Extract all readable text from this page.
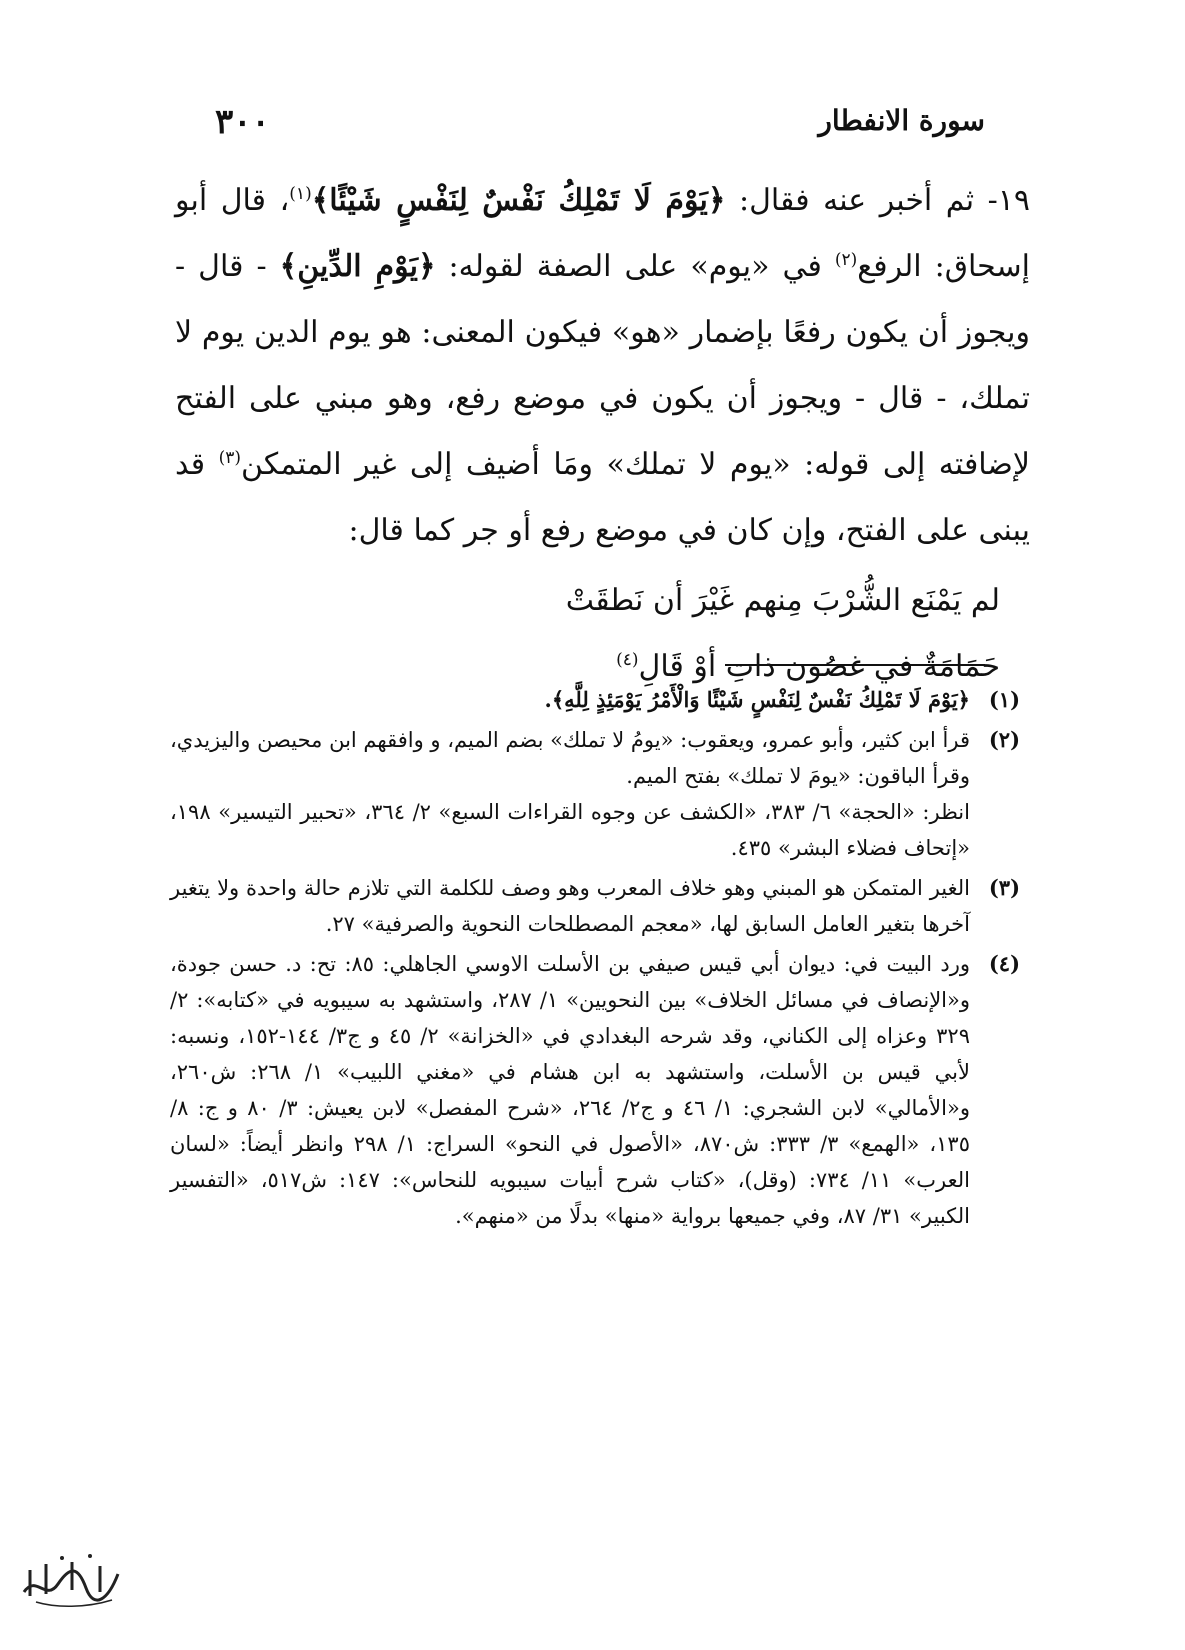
٣٠٠	سورة الانفطار

١٩- ثم أخبر عنه فقال: ﴿يَوْمَ لَا تَمْلِكُ نَفْسٌ لِنَفْسٍ شَيْئًا﴾$^{(١)}$، قال أبو إسحاق: الرفع$^{(٢)}$ في «يوم» على الصفة لقوله: ﴿يَوْمِ الدِّينِ﴾ - قال - ويجوز أن يكون رفعًا بإضمار «هو» فيكون المعنى: هو يوم الدين يوم لا تملك، - قال - ويجوز أن يكون في موضع رفع، وهو مبني على الفتح لإضافته إلى قوله: «يوم لا تملك» ومَا أضيف إلى غير المتمكن$^{(٣)}$ قد يبنى على الفتح، وإن كان في موضع رفع أو جر كما قال:

لم يَمْنَع الشُّرْبَ مِنهم غَيْرَ أن نَطقَتْ
حَمَامَةٌ في غصُون ذاتِ أوْ قَالِ$^{(٤)}$
(١)
﴿يَوْمَ لَا تَمْلِكُ نَفْسٌ لِنَفْسٍ شَيْئًا وَالْأَمْرُ يَوْمَئِذٍ لِلَّهِ﴾.
(٢)

قرأ ابن كثير، وأبو عمرو، ويعقوب: «يومُ لا تملك» بضم الميم، و وافقهم ابن محيصن واليزيدي، وقرأ الباقون: «يومَ لا تملك» بفتح الميم.

انظر: «الحجة» ٦/ ٣٨٣، «الكشف عن وجوه القراءات السبع» ٢/ ٣٦٤، «تحبير التيسير» ١٩٨، «إتحاف فضلاء البشر» ٤٣٥.

(٣)
الغير المتمكن هو المبني وهو خلاف المعرب وهو وصف للكلمة التي تلازم حالة واحدة ولا يتغير آخرها بتغير العامل السابق لها، «معجم المصطلحات النحوية والصرفية» ٢٧.
(٤)
ورد البيت في: ديوان أبي قيس صيفي بن الأسلت الاوسي الجاهلي: ٨٥: تح: د. حسن جودة، و«الإنصاف في مسائل الخلاف» بين النحويين» ١/ ٢٨٧، واستشهد به سيبويه في «كتابه»: ٢/ ٣٢٩ وعزاه إلى الكناني، وقد شرحه البغدادي في «الخزانة» ٢/ ٤٥ و ج٣/ ١٤٤-١٥٢، ونسبه: لأبي قيس بن الأسلت، واستشهد به ابن هشام في «مغني اللبيب» ١/ ٢٦٨: ش٢٦٠، و«الأمالي» لابن الشجري: ١/ ٤٦ و ج٢/ ٢٦٤، «شرح المفصل» لابن يعيش: ٣/ ٨٠ و ج: ٨/ ١٣٥، «الهمع» ٣/ ٣٣٣: ش٨٧٠، «الأصول في النحو» السراج: ١/ ٢٩٨ وانظر أيضاً: «لسان العرب» ١١/ ٧٣٤: (وقل)، «كتاب شرح أبيات سيبويه للنحاس»: ١٤٧: ش٥١٧، «التفسير الكبير» ٣١/ ٨٧، وفي جميعها برواية «منها» بدلًا من «منهم».
